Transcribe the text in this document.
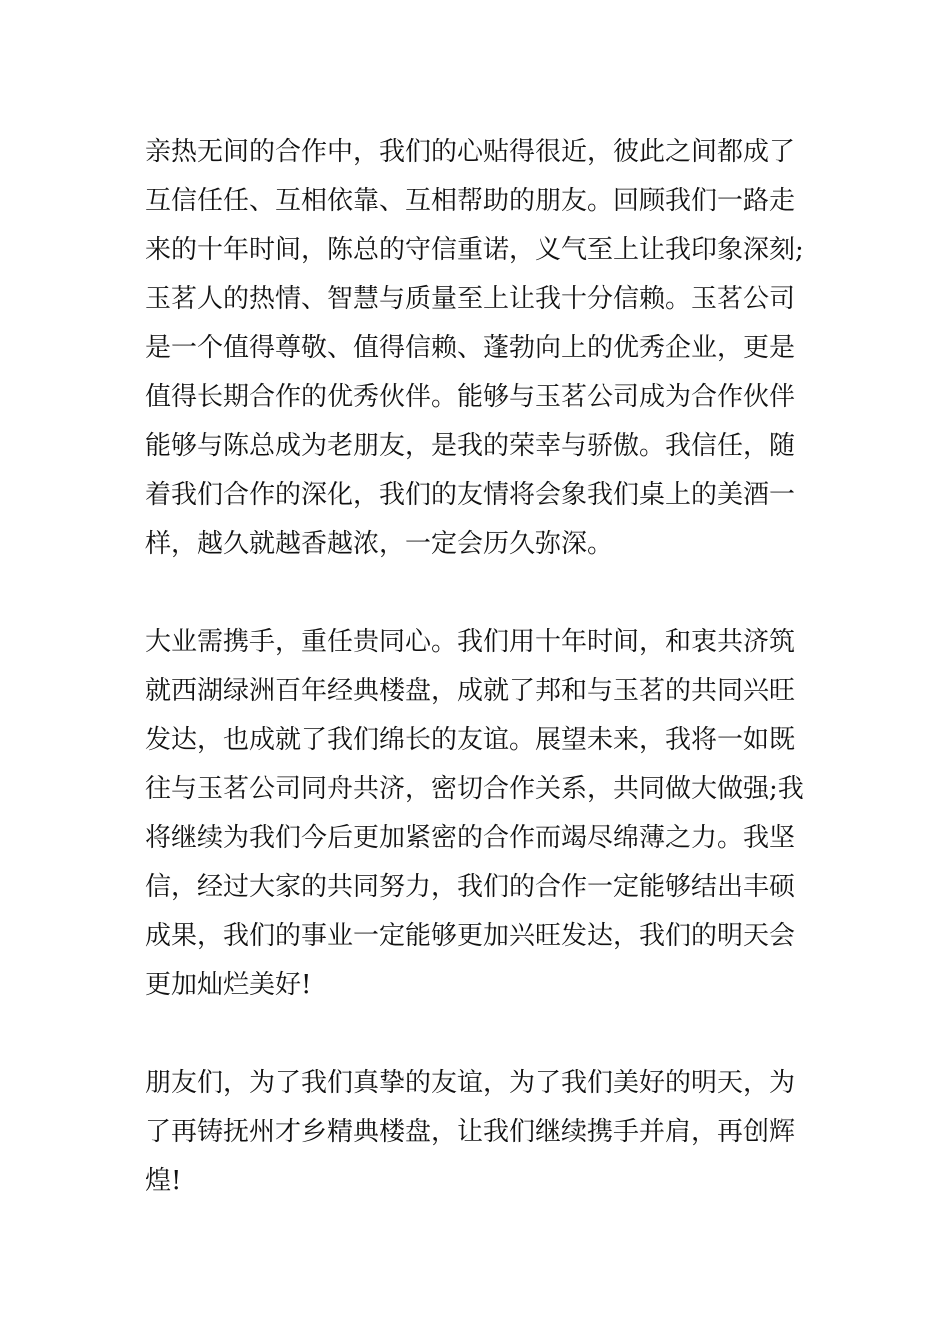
亲热无间的合作中，我们的心贴得很近，彼此之间都成了
互信任任、互相依靠、互相帮助的朋友。回顾我们一路走
来的十年时间，陈总的守信重诺，义气至上让我印象深刻;
玉茗人的热情、智慧与质量至上让我十分信赖。玉茗公司
是一个值得尊敬、值得信赖、蓬勃向上的优秀企业，更是
值得长期合作的优秀伙伴。能够与玉茗公司成为合作伙伴
能够与陈总成为老朋友，是我的荣幸与骄傲。我信任，随
着我们合作的深化，我们的友情将会象我们桌上的美酒一
样，越久就越香越浓，一定会历久弥深。

大业需携手，重任贵同心。我们用十年时间，和衷共济筑
就西湖绿洲百年经典楼盘，成就了邦和与玉茗的共同兴旺
发达，也成就了我们绵长的友谊。展望未来，我将一如既
往与玉茗公司同舟共济，密切合作关系，共同做大做强;我
将继续为我们今后更加紧密的合作而竭尽绵薄之力。我坚
信，经过大家的共同努力，我们的合作一定能够结出丰硕
成果，我们的事业一定能够更加兴旺发达，我们的明天会
更加灿烂美好!

朋友们，为了我们真挚的友谊，为了我们美好的明天，为
了再铸抚州才乡精典楼盘，让我们继续携手并肩，再创辉
煌!
